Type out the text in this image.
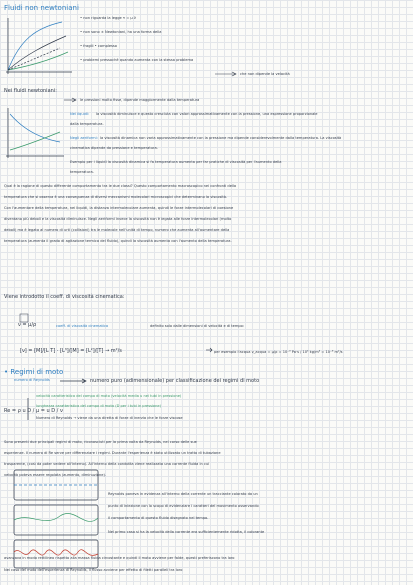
Fluidi non newtoniani
• non riguarda la legge τ = μ ∂
• non sono ± Newtoniani, ha una forma della
• fragili • complesso
• problemi pressoché quando aumenta con la stessa problema
che non dipende la velocità
Nei fluidi newtoniani:
le pressioni molto fisse, dipende maggiormente dalla temperatura
Nei liquidi: la viscosità diminuisce e questo cresciuta con valori approssimativamente con la pressione, una espressione proporzionale
dalla temperatura.
Negli aeriformi: la viscosità dinamica non varia approssimativamente con la pressione ma dipende considerevolmente dalla temperatura. La viscosità
cinematica dipende da pressione e temperatura.
Esempio per i liquidi la viscosità dinamica si fa temperatura aumenta per far pratiche di viscosità per l'aumento della
temperatura.
Qual è la ragione di questo differente comportamento tra le due classi? Questo comportamento macroscopico nei confronti della
temperatura che si osserva è una conseguenza di diversi meccanismi molecolari microscopici che determinano la viscosità.
Con l'aumentare della temperatura, nei liquidi, la distanza intermolecolare aumenta, quindi le forze intermolecolari di coesione
diventano più deboli e la viscosità diminuisce. Negli aeriformi invece la viscosità non è legata alle forze intermolecolari (molto
deboli) ma è legata al numero di urti (collisioni) tra le molecole nell'unità di tempo, numero che aumenta all'aumentare della
temperatura (aumenta il grado di agitazione termica del fluido), quindi la viscosità aumenta con l'aumento della temperatura.
Viene introdotto il coeff. di viscosità cinematica:
ν = μ/ρ	coeff. di viscosità cinematica	definito solo dalle dimensioni di velocità e di tempo:
[ν] = [M]/[L T] · [L³]/[M] = [L²]/[T] → m²/s	per esempio l'acqua ν_acqua = μ/ρ = 10⁻³ Pa·s / 10³ kg/m³ = 10⁻⁶ m²/s
• Regimi di moto
numero di Reynolds	numero puro (adimensionale) per classificazione dei regimi di moto
velocità caratteristica del campo di moto (velocità media u nei tubi in pressione)
lunghezza caratteristica del campo di moto (D per i tubi in pressione)
Numero di Reynolds → viene da una diretta di forze di inerzia che le forze viscose
Re = ρ u D / μ = u D / ν
Sono presenti due principali regimi di moto, riconosciuti per la prima volta da Reynolds, nel corso delle sue
esperienze. Il numero di Re serve per differenziare i regimi. Durante l'esperienza è stato utilizzato un tratto di tubazione
trasparente, (così da poter vedere all'interno). All'interno della condotta viene realizzata una corrente fluida in cui
velocità poteva essere regolata (aumento, diminuzione).
Reynolds poneva in evidenza all'interno della corrente un tracciante colorato da un
punto di iniezione con lo scopo di evidenziare i caratteri del movimento osservando
il comportamento di questo fluido disegnato nel tempo.
Nel primo caso si ha la velocità della corrente era sufficientemente ridotta, il colorante
avanzava in modo rettilineo rispetto alla massa fluida circostante e quindi il moto avviene per falde, questi preferiscono tra loro
Nel caso del moto dell'esperienza di Reynolds, il flusso avviene per effetto di filetti paralleli tra loro
